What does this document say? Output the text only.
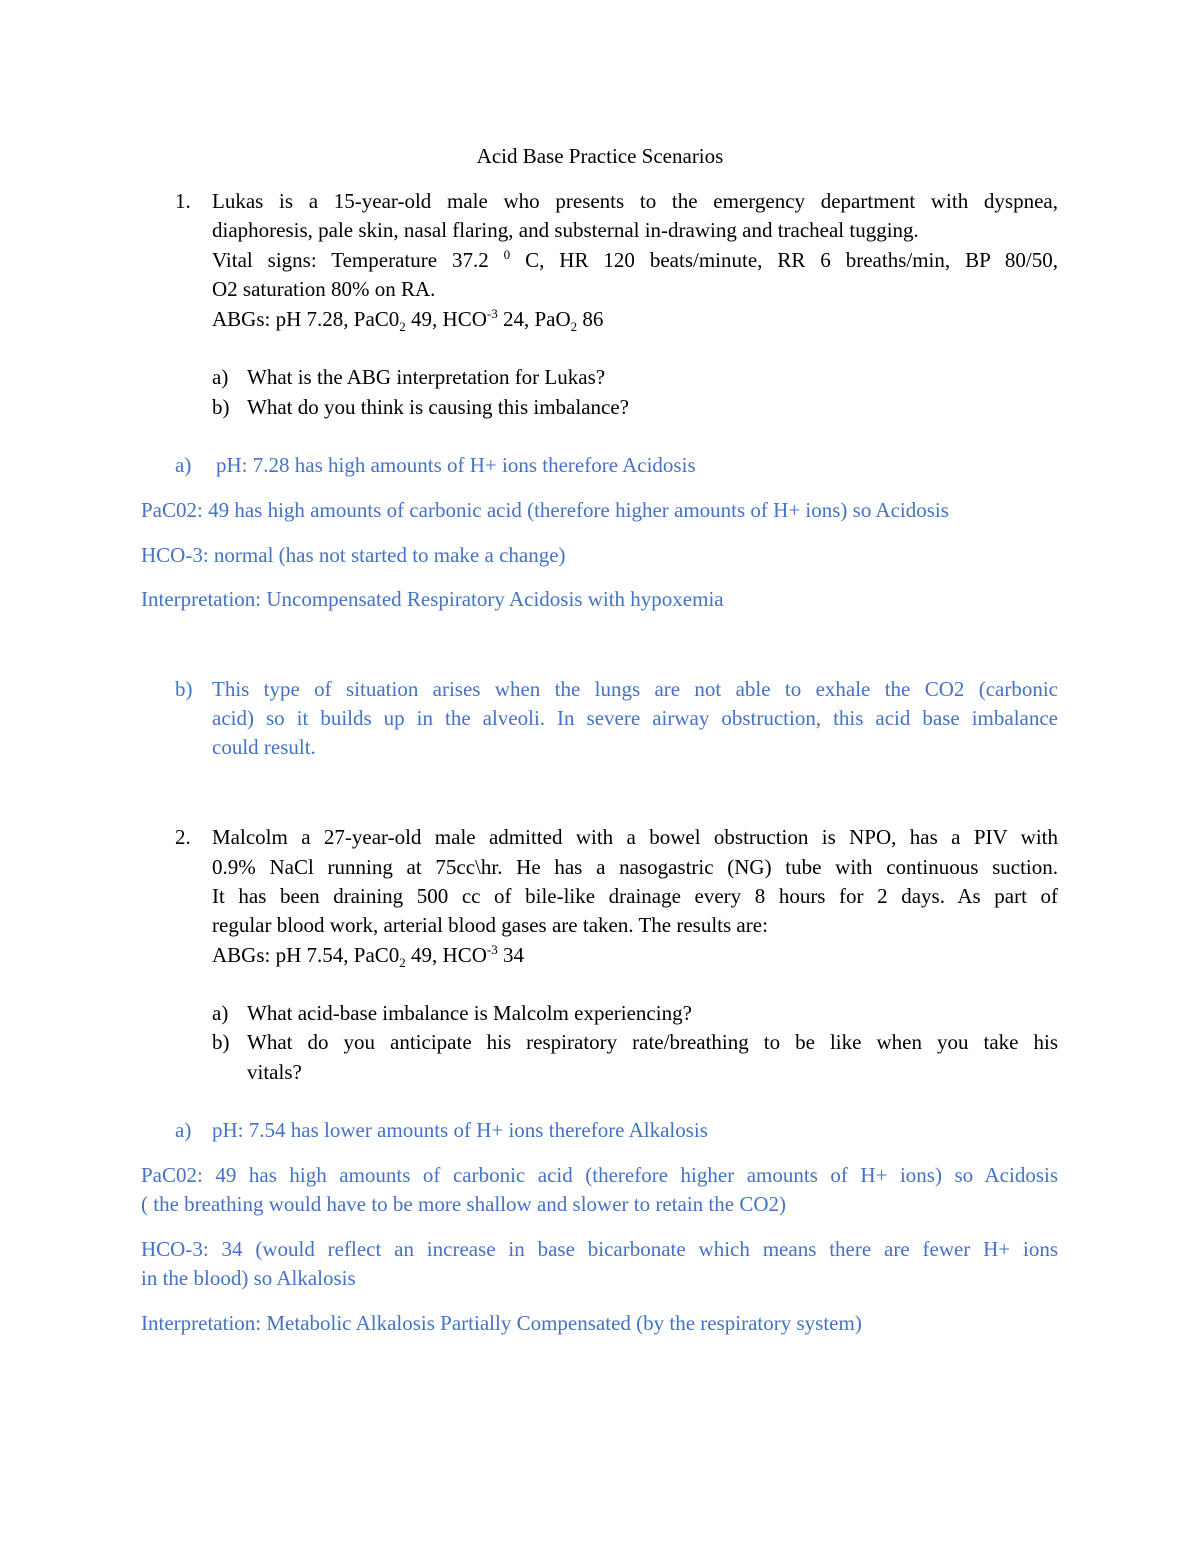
Acid Base Practice Scenarios
1. Lukas is a 15-year-old male who presents to the emergency department with dyspnea,
diaphoresis, pale skin, nasal flaring, and substernal in-drawing and tracheal tugging.
Vital signs: Temperature 37.2 $^0$ C, HR 120 beats/minute, RR 6 breaths/min, BP 80/50,
O2 saturation 80% on RA.
ABGs: pH 7.28, $PaC0_2$ 49, $HCO^{-3}$ 24, PaO$_2$ 86
a) What is the ABG interpretation for Lukas?
b) What do you think is causing this imbalance?
a) pH: 7.28 has high amounts of H+ ions therefore Acidosis
PaC02: 49 has high amounts of carbonic acid (therefore higher amounts of H+ ions) so Acidosis
HCO-3: normal (has not started to make a change)
Interpretation: Uncompensated Respiratory Acidosis with hypoxemia
b) This type of situation arises when the lungs are not able to exhale the CO2 (carbonic
acid) so it builds up in the alveoli. In severe airway obstruction, this acid base imbalance
could result.
2. Malcolm a 27-year-old male admitted with a bowel obstruction is NPO, has a PIV with
0.9% NaCl running at 75cc\hr. He has a nasogastric (NG) tube with continuous suction.
It has been draining 500 cc of bile-like drainage every 8 hours for 2 days. As part of
regular blood work, arterial blood gases are taken. The results are:
ABGs: pH 7.54, $PaC0_2$ 49, $HCO^{-3}$ 34
a) What acid-base imbalance is Malcolm experiencing?
b) What do you anticipate his respiratory rate/breathing to be like when you take his
vitals?
a) pH: 7.54 has lower amounts of H+ ions therefore Alkalosis
PaC02: 49 has high amounts of carbonic acid (therefore higher amounts of H+ ions) so Acidosis
( the breathing would have to be more shallow and slower to retain the CO2)
HCO-3: 34 (would reflect an increase in base bicarbonate which means there are fewer H+ ions
in the blood) so Alkalosis
Interpretation: Metabolic Alkalosis Partially Compensated (by the respiratory system)
